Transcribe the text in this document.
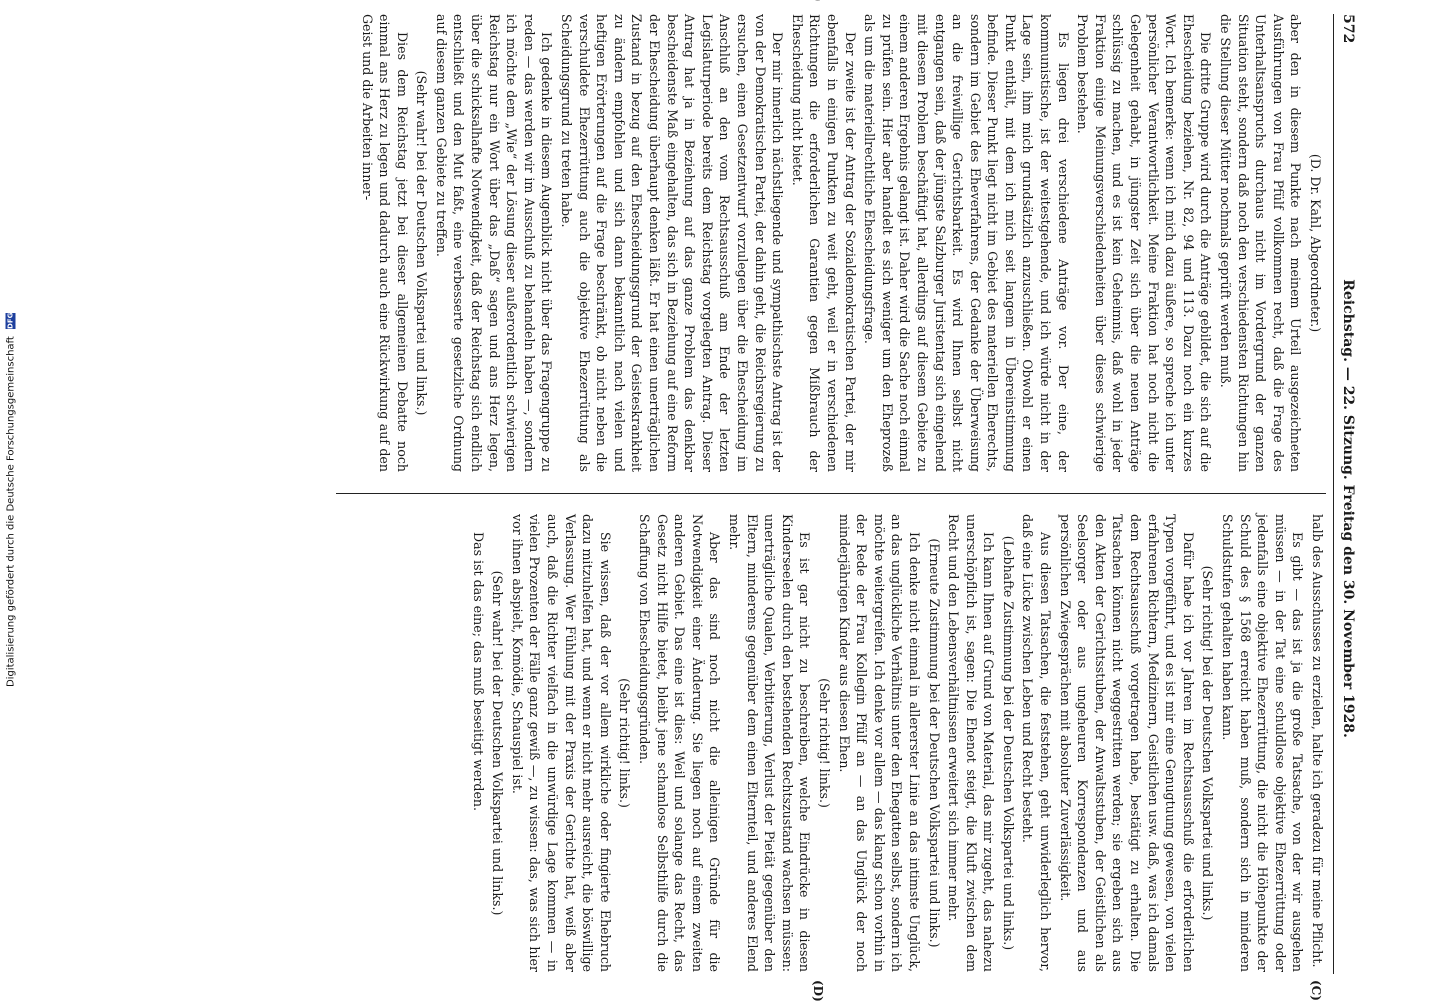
Digitalisierung gefördert durch die Deutsche Forschungsgemeinschaft DFG
572
Reichstag. — 22. Sitzung. Freitag den 30. November 1928.
(C)
(D)

(D. Dr. Kahl, Abgeordneter.)

aber den in diesem Punkte nach meinem Urteil ausgezeichneten Ausführungen von Frau Pfülf vollkommen recht, daß die Frage des Unterhaltsanspruchs durchaus nicht im Vordergrund der ganzen Situation steht, sondern daß noch den verschiedensten Richtungen hin die Stellung dieser Mütter nochmals geprüft werden muß.

Die dritte Gruppe wird durch die Anträge gebildet, die sich auf die Ehescheidung beziehen, Nr. 82, 94 und 113. Dazu noch ein kurzes Wort. Ich bemerke: wenn ich mich dazu äußere, so spreche ich unter persönlicher Verantwortlichkeit. Meine Fraktion hat noch nicht die Gelegenheit gehabt, in jüngster Zeit sich über die neuen Anträge schlüssig zu machen, und es ist kein Geheimnis, daß wohl in jeder Fraktion einige Meinungsverschiedenheiten über dieses schwierige Problem bestehen.

Es liegen drei verschiedene Anträge vor. Der eine, der kommunistische, ist der weitestgehende, und ich würde nicht in der Lage sein, ihm mich grundsätzlich anzuschließen. Obwohl er einen Punkt enthält, mit dem ich mich seit langem in Übereinstimmung befinde. Dieser Punkt liegt nicht im Gebiet des materiellen Eherechts, sondern im Gebiet des Eheverfahrens, der Gedanke der Überweisung an die freiwillige Gerichtsbarkeit. Es wird Ihnen selbst nicht entgangen sein, daß der jüngste Salzburger Juristentag sich eingehend mit diesem Problem beschäftigt hat, allerdings auf diesem Gebiete zu einem anderen Ergebnis gelangt ist. Daher wird die Sache noch einmal zu prüfen sein. Hier aber handelt es sich weniger um den Eheprozeß als um die materiellrechtliche Ehescheidungsfrage.

Der zweite ist der Antrag der Sozialdemokratischen Partei, der mir ebenfalls in einigen Punkten zu weit geht, weil er in verschiedenen Richtungen die erforderlichen Garantien gegen Mißbrauch der Ehescheidung nicht bietet.

Der mir innerlich nächstliegende und sympathischste Antrag ist der von der Demokratischen Partei, der dahin geht, die Reichsregierung zu ersuchen, einen Gesetzentwurf vorzulegen über die Ehescheidung im Anschluß an den vom Rechtsausschuß am Ende der letzten Legislaturperiode bereits dem Reichstag vorgelegten Antrag. Dieser Antrag hat ja in Beziehung auf das ganze Problem das denkbar bescheidenste Maß eingehalten, das sich in Beziehung auf eine Reform der Ehescheidung überhaupt denken läßt. Er hat einen unerträglichen Zustand in bezug auf den Ehescheidungsgrund der Geisteskrankheit zu ändern empfohlen und sich dann bekanntlich nach vielen und heftigen Erörterungen auf die Frage beschränkt, ob nicht neben die verschuldete Ehezerrüttung auch die objektive Ehezerrüttung als Scheidungsgrund zu treten habe.

Ich gedenke in diesem Augenblick nicht über das Fragengruppe zu reden — das werden wir im Ausschuß zu behandeln haben —, sondern ich möchte dem „Wie“ der Lösung dieser außerordentlich schwierigen Reichstag nur ein Wort über das „Daß“ sagen und ans Herz legen, über die schicksalhafte Notwendigkeit, daß der Reichstag sich endlich entschließt und den Mut faßt, eine verbesserte gesetzliche Ordnung auf diesem ganzen Gebiete zu treffen.

(Sehr wahr! bei der Deutschen Volkspartei und links.)

Dies dem Reichstag jetzt bei dieser allgemeinen Debatte noch einmal ans Herz zu legen und dadurch auch eine Rückwirkung auf den Geist und die Arbeiten inner-

halb des Ausschusses zu erzielen, halte ich geradezu für meine Pflicht.

Es gibt — das ist ja die große Tatsache, von der wir ausgehen müssen — in der Tat eine schuldlose objektive Ehezerrüttung oder jedenfalls eine objektive Ehezerrüttung, die nicht die Höhepunkte der Schuld des § 1568 erreicht haben muß, sondern sich in minderen Schuldstufen gehalten haben kann.

(Sehr richtig! bei der Deutschen Volkspartei und links.)

Dafür habe ich vor Jahren im Rechtsausschuß die erforderlichen Typen vorgeführt, und es ist mir eine Genugtuung gewesen, von vielen erfahrenen Richtern, Medizinern, Geistlichen usw. daß, was ich damals dem Rechtsausschuß vorgetragen habe, bestätigt zu erhalten. Die Tatsachen können nicht weggestritten werden; sie ergeben sich aus den Akten der Gerichtsstuben, der Anwaltsstuben, der Geistlichen als Seelsorger oder aus ungeheuren Korrespondenzen und aus persönlichen Zwiegesprächen mit absoluter Zuverlässigkeit.

Aus diesen Tatsachen, die feststehen, geht unwiderleglich hervor, daß eine Lücke zwischen Leben und Recht besteht.

(Lebhafte Zustimmung bei der Deutschen Volkspartei und links.)

Ich kann Ihnen auf Grund von Material, das mir zugeht, das nahezu unerschöpflich ist, sagen: Die Ehenot steigt, die Kluft zwischen dem Recht und den Lebensverhältnissen erweitert sich immer mehr.

(Erneute Zustimmung bei der Deutschen Volkspartei und links.)

Ich denke nicht einmal in allererster Linie an das intimste Unglück, an das unglückliche Verhältnis unter den Ehegatten selbst, sondern ich möchte weitergreifen. Ich denke vor allem — das klang schon vorhin in der Rede der Frau Kollegin Pfülf an — an das Unglück der noch minderjährigen Kinder aus diesen Ehen.

(Sehr richtig! links.)

Es ist gar nicht zu beschreiben, welche Eindrücke in diesen Kinderseelen durch den bestehenden Rechtszustand wachsen müssen: unerträgliche Qualen, Verbitterung, Verlust der Pietät gegenüber den Eltern, minderens gegenüber dem einen Elternteil, und anderes Elend mehr.

Aber das sind noch nicht die alleinigen Gründe für die Notwendigkeit einer Änderung. Sie liegen noch auf einem zweiten anderen Gebiet. Das eine ist dies: Weil und solange das Recht, das Gesetz nicht Hilfe bietet, bleibt jene schamlose Selbsthilfe durch die Schaffung von Ehescheidungsgründen.

(Sehr richtig! links.)

Sie wissen, daß der vor allem wirkliche oder fingierte Ehebruch dazu mitzuhelfen hat, und wenn er nicht mehr ausreicht, die böswillige Verlassung. Wer Fühlung mit der Praxis der Gerichte hat, weiß aber auch, daß die Richter vielfach in die unwürdige Lage kommen — in vielen Prozenten der Fälle ganz gewiß —, zu wissen: das, was sich hier vor ihnen abspielt, Komödie, Schauspiel ist.

(Sehr wahr! bei der Deutschen Volkspartei und links.)

Das ist das eine; das muß beseitigt werden.
